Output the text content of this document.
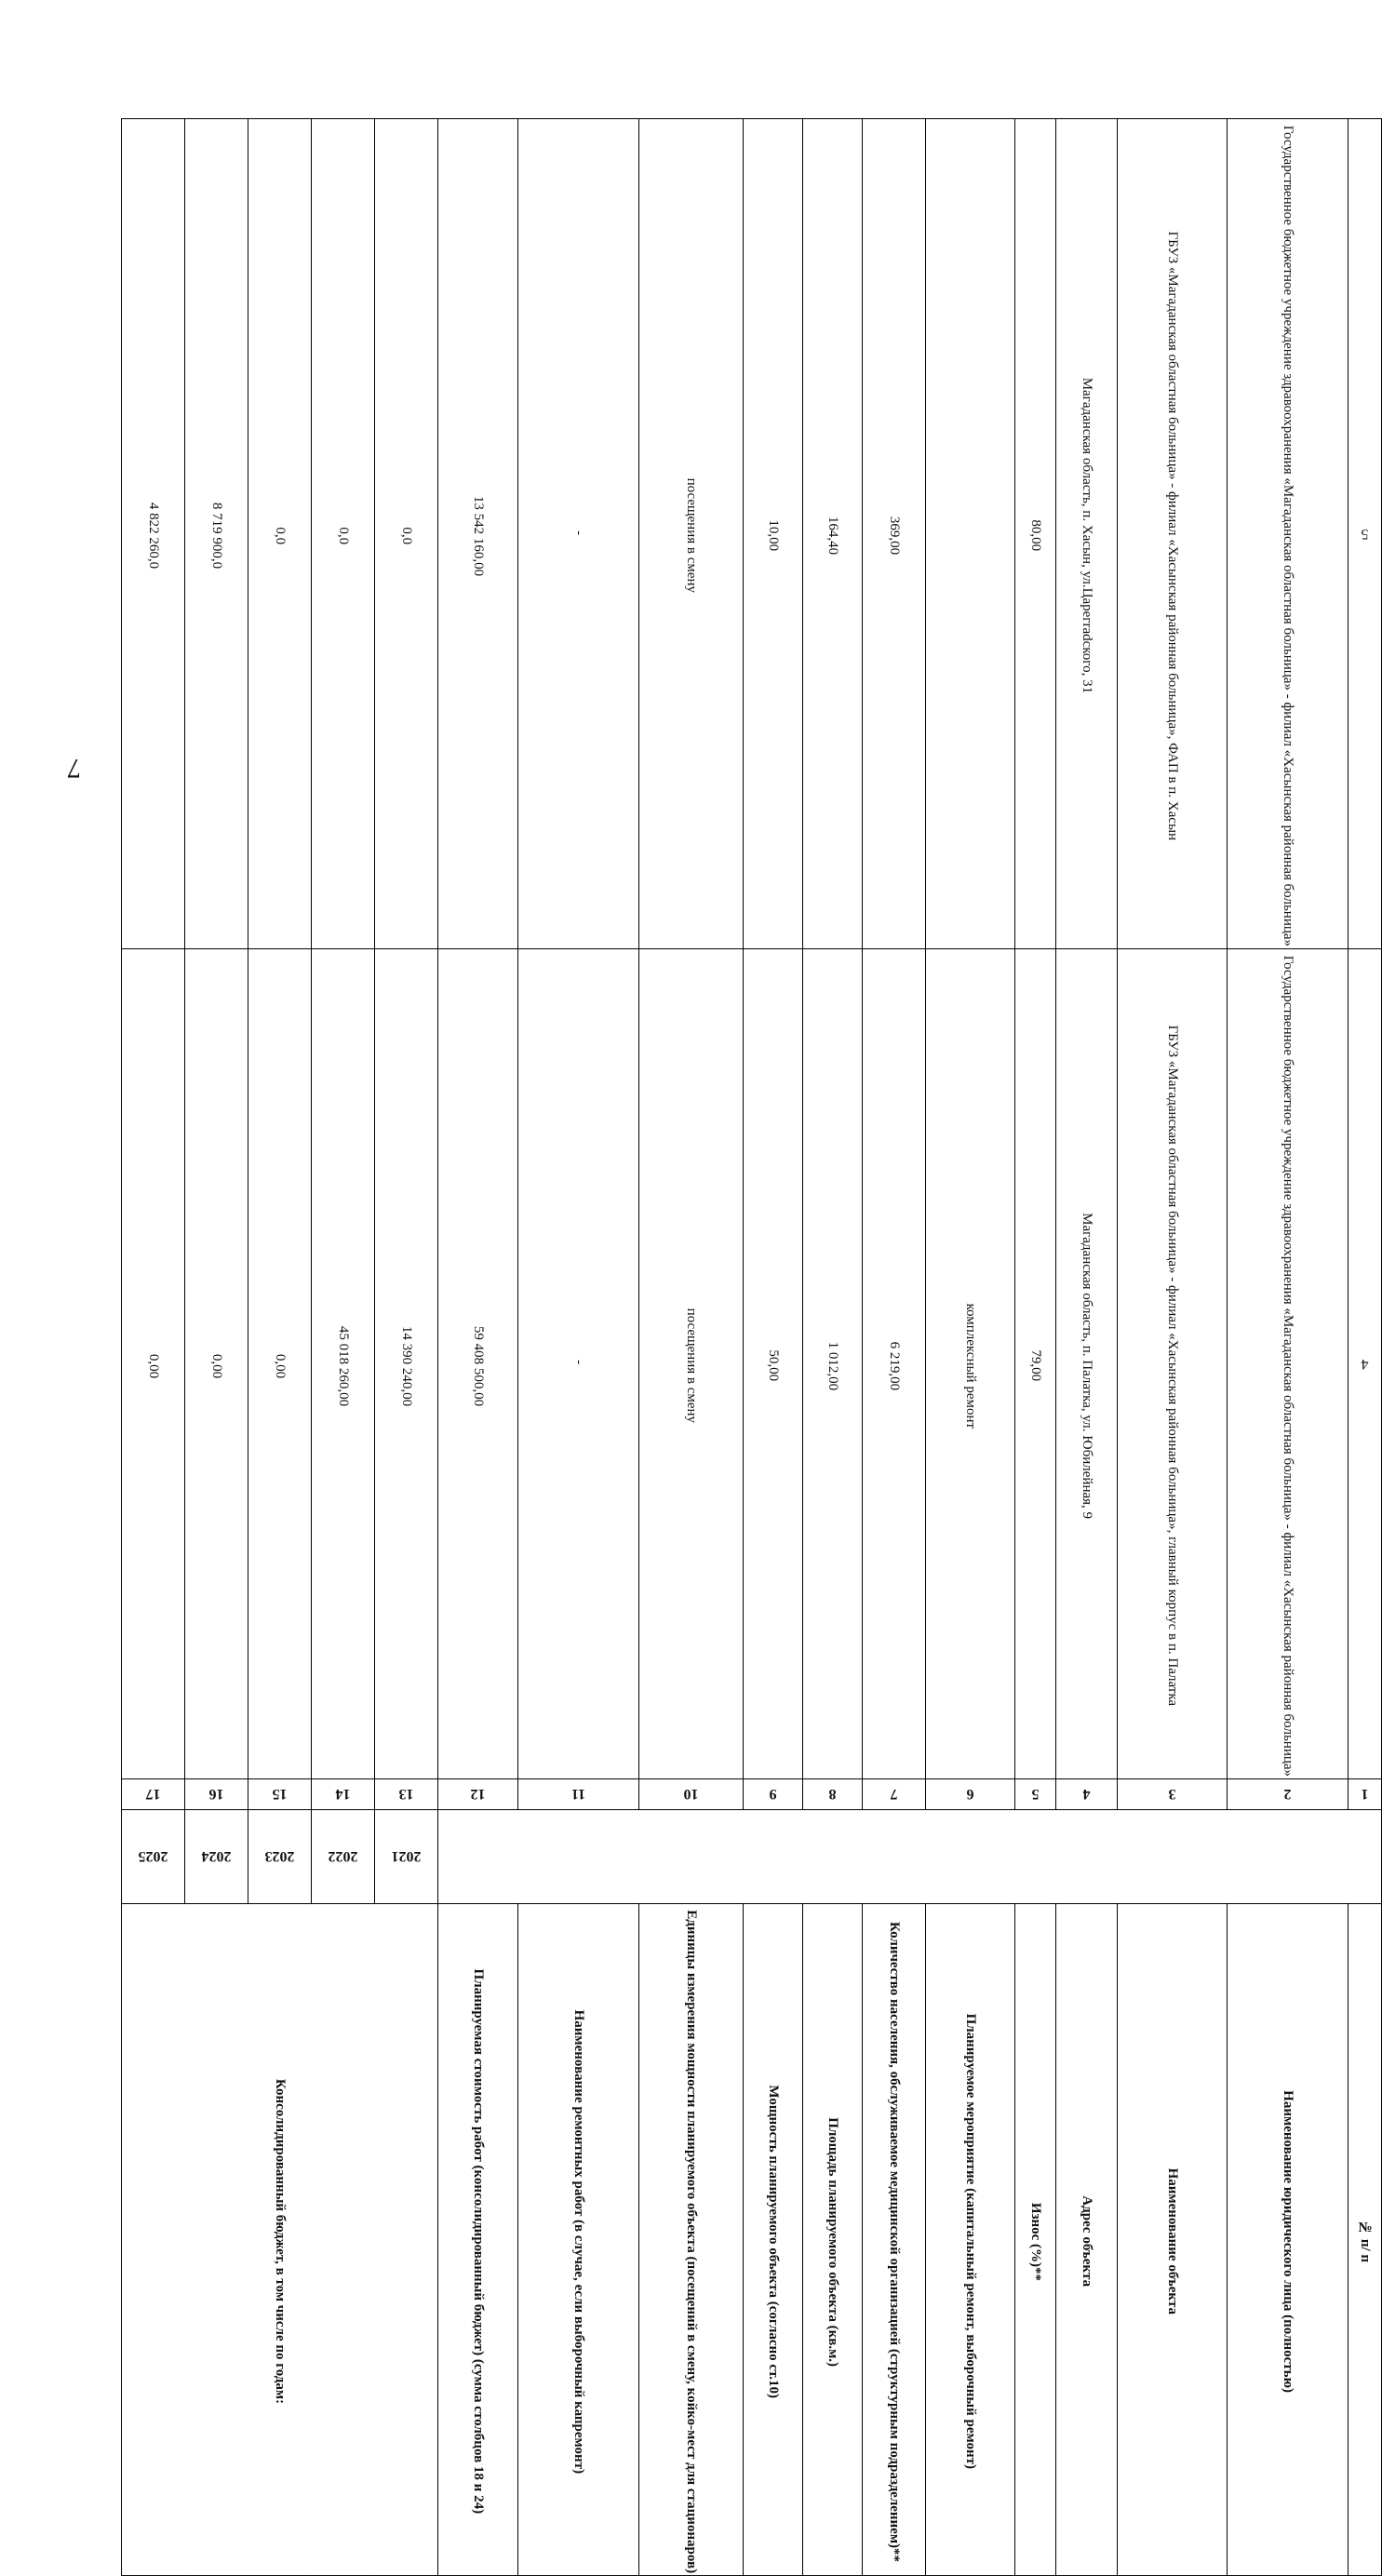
7
№ п/ п	Наименование юридического лица (полностью)	Наименование объекта	Адрес объекта	Износ (%)**	Планируемое мероприятие (капитальный ремонт, выборочный ремонт)	Количество населения, обслуживаемое медицинской организацией (структурным подразделением)**	Площадь планируемого объекта (кв.м.)	Мощность планируемого объекта (согласно ст.10)	Единицы измерения мощности планируемого объекта (посещений в смену, койко-мест для стационаров)	Наименование ремонтных работ (в случае, если выборочный капремонт)	Планируемая стоимость работ (консолидированный бюджет) (сумма столбцов 18 и 24)	Консолидированный бюджет, в том числе по годам:				
												2021	2022	2023	2024	2025
1	2	3	4	5	6	7	8	9	10	11	12	13	14	15	16	17
4	Государственное бюджетное учреждение здравоохранения «Магаданская областная больница» - филиал «Хасынская районная больница»	ГБУЗ «Магаданская областная больница» - филиал «Хасынская районная больница», главный корпус в п. Палатка	Магаданская область, п. Палатка, ул. Юбилейная, 9	79,00	комплексный ремонт	6 219,00	1 012,00	50,00	посещения в смену	-	59 408 500,00	14 390 240,00	45 018 260,00	0,00	0,00	0,00
5	Государственное бюджетное учреждение здравоохранения «Магаданская областная больница» - филиал «Хасынская районная больница»	ГБУЗ «Магаданская областная больница» - филиал «Хасынская районная больница», ФАП в п. Хасын	Магаданская область, п. Хасын, ул.Царегradского, 31	80,00		369,00	164,40	10,00	посещения в смену	-	13 542 160,00	0,0	0,0	0,0	8 719 900,0	4 822 260,0
